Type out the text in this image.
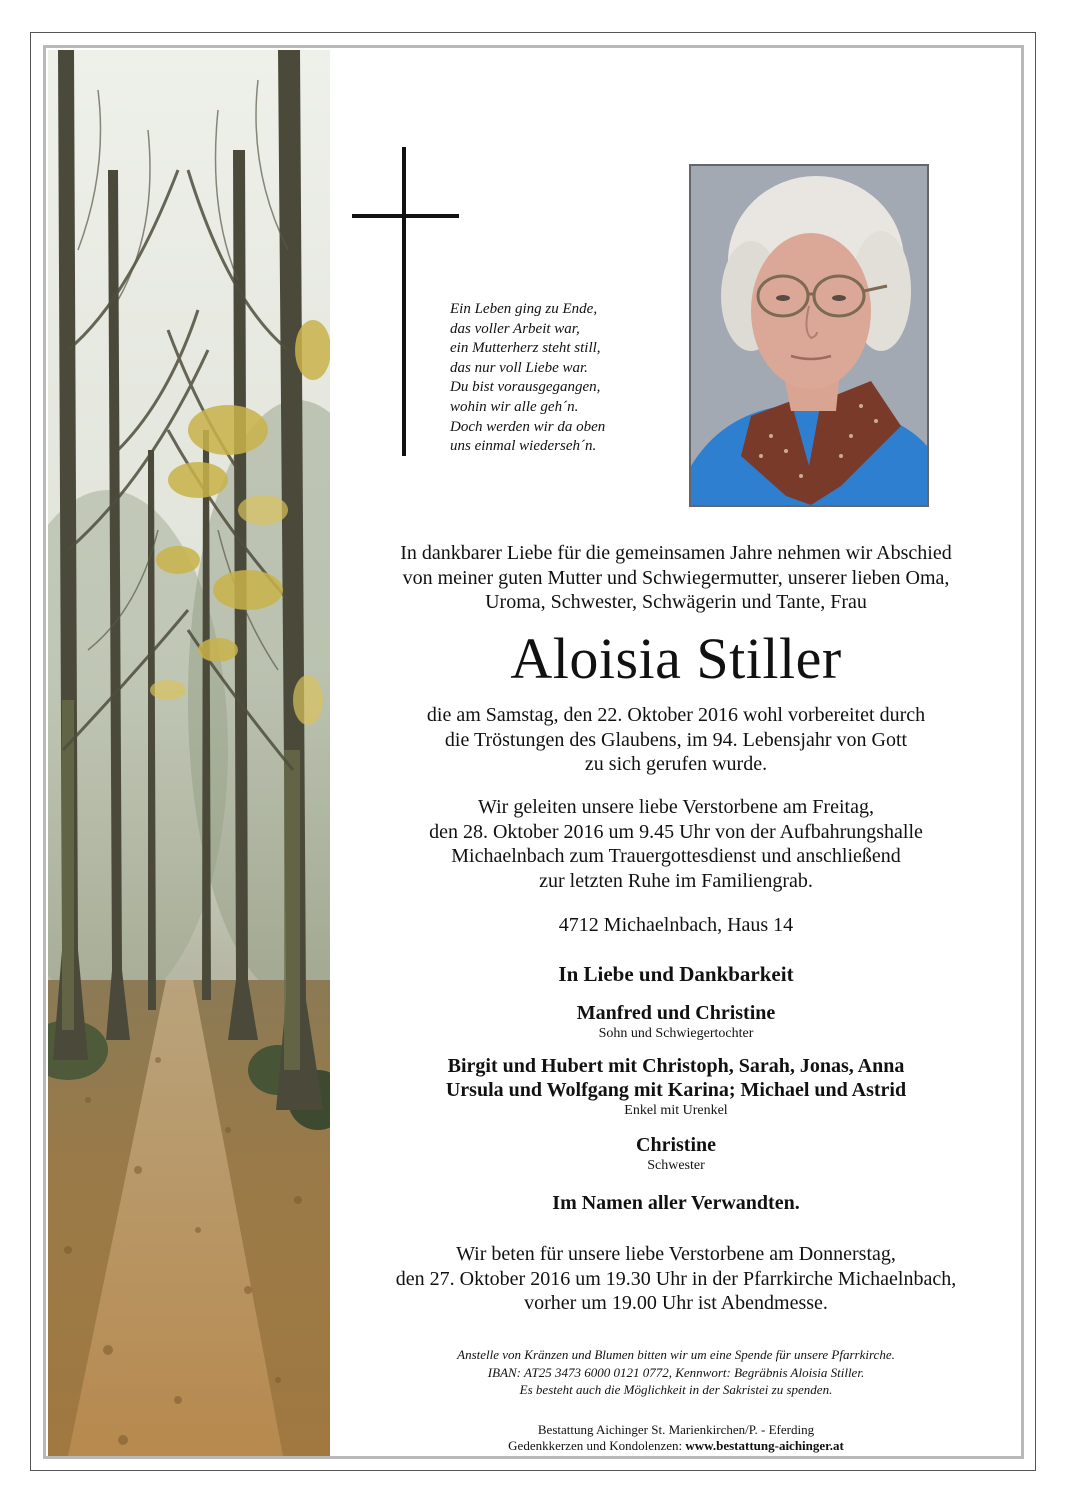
Ein Leben ging zu Ende,
das voller Arbeit war,
ein Mutterherz steht still,
das nur voll Liebe war.
Du bist vorausgegangen,
wohin wir alle geh´n.
Doch werden wir da oben
uns einmal wiederseh´n.
In dankbarer Liebe für die gemeinsamen Jahre nehmen wir Abschied
von meiner guten Mutter und Schwiegermutter, unserer lieben Oma,
Uroma, Schwester, Schwägerin und Tante, Frau
Aloisia Stiller
die am Samstag, den 22. Oktober 2016 wohl vorbereitet durch
die Tröstungen des Glaubens, im 94. Lebensjahr von Gott
zu sich gerufen wurde.
Wir geleiten unsere liebe Verstorbene am Freitag,
den 28. Oktober 2016 um 9.45 Uhr von der Aufbahrungshalle
Michaelnbach zum Trauergottesdienst und anschließend
zur letzten Ruhe im Familiengrab.
4712 Michaelnbach, Haus 14
In Liebe und Dankbarkeit
Manfred und Christine
Sohn und Schwiegertochter
Birgit und Hubert mit Christoph, Sarah, Jonas, Anna
Ursula und Wolfgang mit Karina; Michael und Astrid
Enkel mit Urenkel
Christine
Schwester
Im Namen aller Verwandten.
Wir beten für unsere liebe Verstorbene am Donnerstag,
den 27. Oktober 2016 um 19.30 Uhr in der Pfarrkirche Michaelnbach,
vorher um 19.00 Uhr ist Abendmesse.
Anstelle von Kränzen und Blumen bitten wir um eine Spende für unsere Pfarrkirche.
IBAN: AT25 3473 6000 0121 0772, Kennwort: Begräbnis Aloisia Stiller.
Es besteht auch die Möglichkeit in der Sakristei zu spenden.
Bestattung Aichinger St. Marienkirchen/P. - Eferding
Gedenkkerzen und Kondolenzen: www.bestattung-aichinger.at
